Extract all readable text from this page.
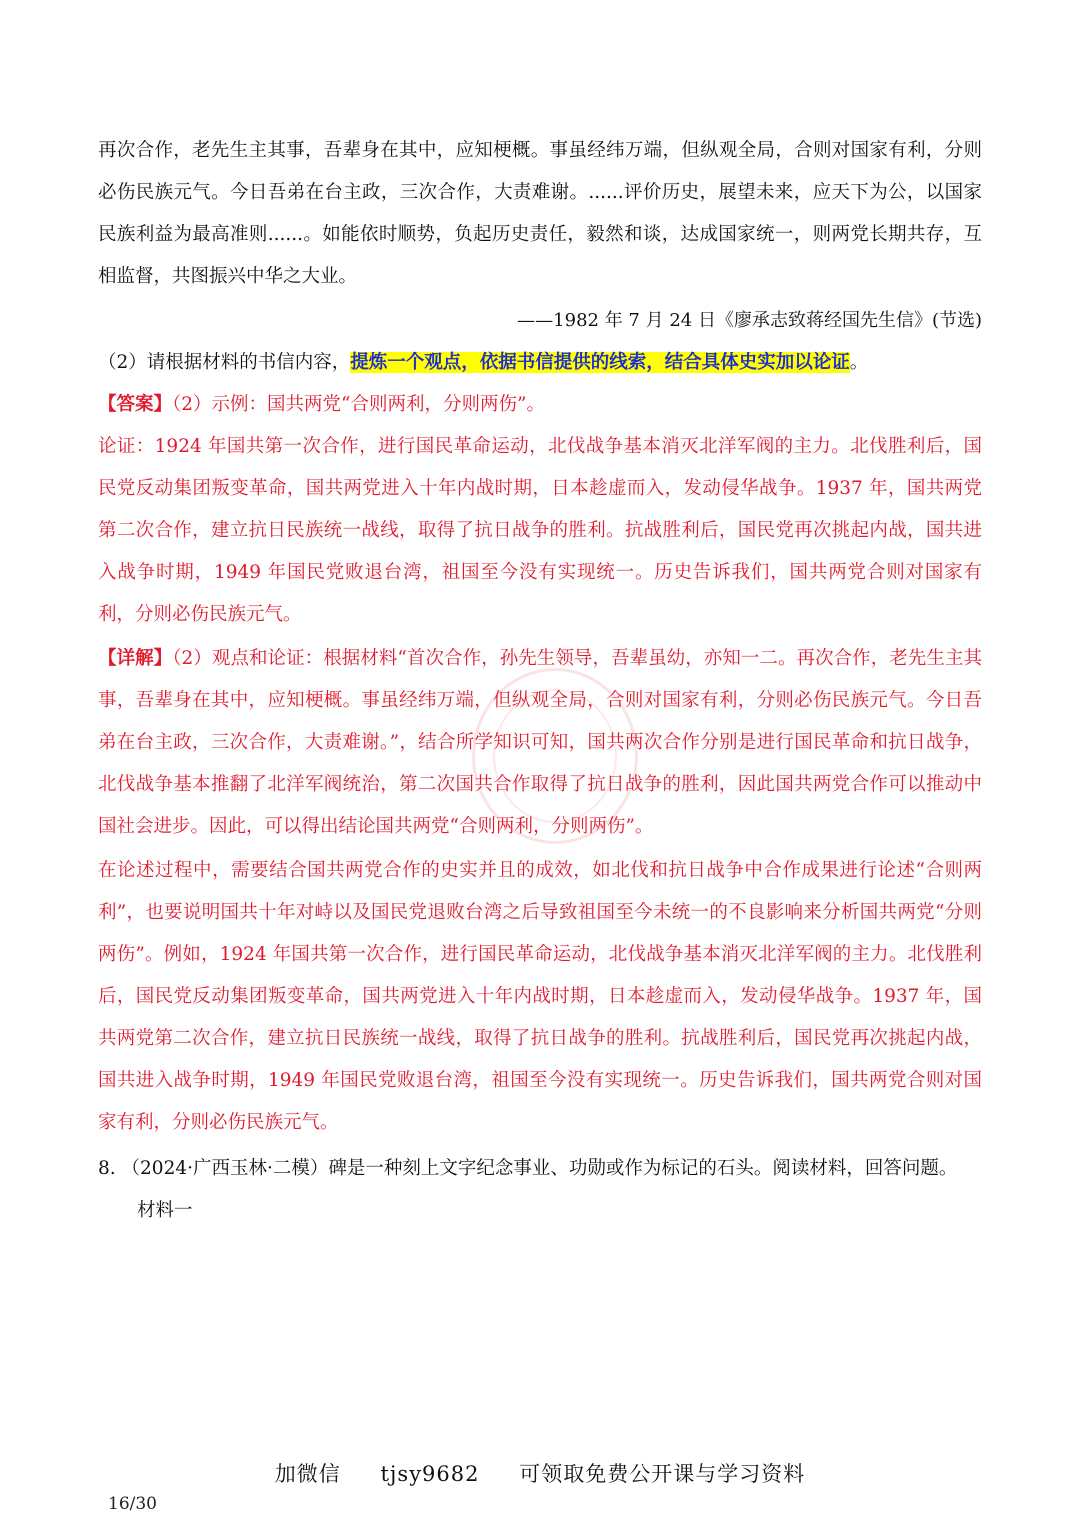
再次合作，老先生主其事，吾辈身在其中，应知梗概。事虽经纬万端，但纵观全局，合则对国家有利，分则必伤民族元气。今日吾弟在台主政，三次合作，大责难谢。......评价历史，展望未来，应天下为公，以国家民族利益为最高准则......。如能依时顺势，负起历史责任，毅然和谈，达成国家统一，则两党长期共存，互相监督，共图振兴中华之大业。
——1982 年 7 月 24 日《廖承志致蒋经国先生信》(节选)
（2）请根据材料的书信内容，提炼一个观点，依据书信提供的线索，结合具体史实加以论证。
【答案】（2）示例：国共两党“合则两利，分则两伤”。
论证：1924 年国共第一次合作，进行国民革命运动，北伐战争基本消灭北洋军阀的主力。北伐胜利后，国民党反动集团叛变革命，国共两党进入十年内战时期，日本趁虚而入，发动侵华战争。1937 年，国共两党第二次合作，建立抗日民族统一战线，取得了抗日战争的胜利。抗战胜利后，国民党再次挑起内战，国共进入战争时期，1949 年国民党败退台湾，祖国至今没有实现统一。历史告诉我们，国共两党合则对国家有利，分则必伤民族元气。
【详解】（2）观点和论证：根据材料“首次合作，孙先生领导，吾辈虽幼，亦知一二。再次合作，老先生主其事，吾辈身在其中，应知梗概。事虽经纬万端，但纵观全局，合则对国家有利，分则必伤民族元气。今日吾弟在台主政，三次合作，大责难谢。”，结合所学知识可知，国共两次合作分别是进行国民革命和抗日战争，北伐战争基本推翻了北洋军阀统治，第二次国共合作取得了抗日战争的胜利，因此国共两党合作可以推动中国社会进步。因此，可以得出结论国共两党“合则两利，分则两伤”。
在论述过程中，需要结合国共两党合作的史实并且的成效，如北伐和抗日战争中合作成果进行论述“合则两利”，也要说明国共十年对峙以及国民党退败台湾之后导致祖国至今未统一的不良影响来分析国共两党“分则两伤”。例如，1924 年国共第一次合作，进行国民革命运动，北伐战争基本消灭北洋军阀的主力。北伐胜利后，国民党反动集团叛变革命，国共两党进入十年内战时期，日本趁虚而入，发动侵华战争。1937 年，国共两党第二次合作，建立抗日民族统一战线，取得了抗日战争的胜利。抗战胜利后，国民党再次挑起内战，国共进入战争时期，1949 年国民党败退台湾，祖国至今没有实现统一。历史告诉我们，国共两党合则对国家有利，分则必伤民族元气。
8. （2024·广西玉林·二模）碑是一种刻上文字纪念事业、功勋或作为标记的石头。阅读材料，回答问题。
材料一
加微信 tjsy9682 可领取免费公开课与学习资料
16/30
